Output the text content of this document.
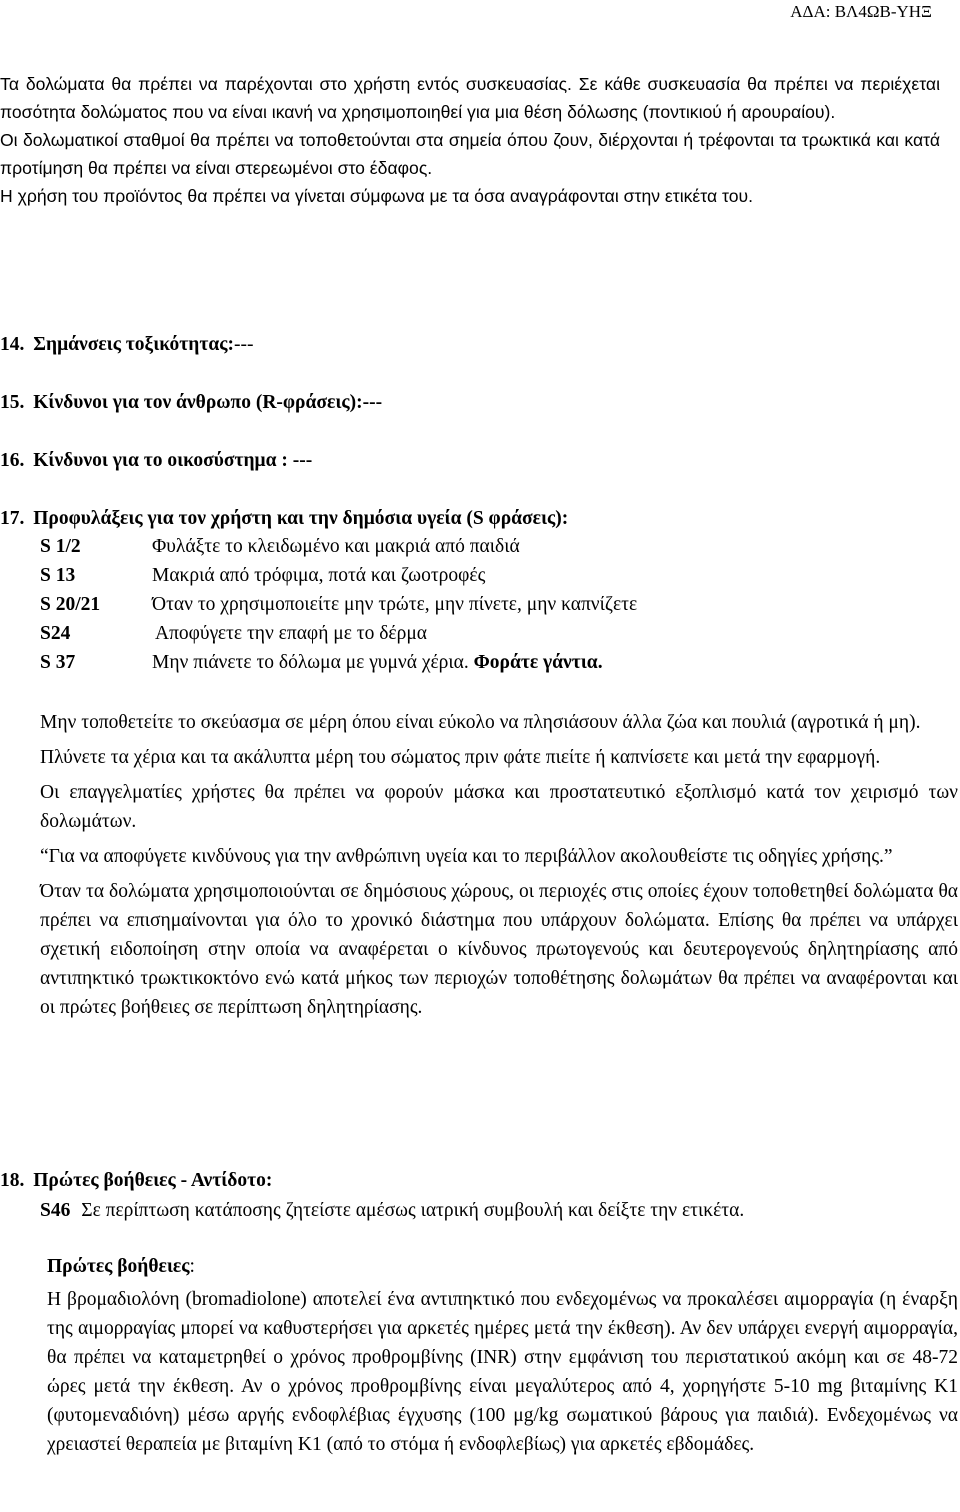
ΑΔΑ: ΒΛ4ΩΒ-ΥΗΞ

Τα δολώματα θα πρέπει να παρέχονται στο χρήστη εντός συσκευασίας. Σε κάθε συσκευασία θα πρέπει να περιέχεται ποσότητα δολώματος που να είναι ικανή να χρησιμοποιηθεί για μια θέση δόλωσης (ποντικιού ή αρουραίου).

Οι δολωματικοί σταθμοί θα πρέπει να τοποθετούνται στα σημεία όπου ζουν, διέρχονται ή τρέφονται τα τρωκτικά και κατά προτίμηση θα πρέπει να είναι στερεωμένοι στο έδαφος.

Η χρήση του προϊόντος θα πρέπει να γίνεται σύμφωνα με τα όσα αναγράφονται στην ετικέτα του.

14. Σημάνσεις τοξικότητας:---
15. Κίνδυνοι για τον άνθρωπο (R-φράσεις):---
16. Κίνδυνοι για το οικοσύστημα : ---
17. Προφυλάξεις για τον χρήστη και την δημόσια υγεία (S φράσεις):
S 1/2	Φυλάξτε το κλειδωμένο και μακριά από παιδιά
S 13	Μακριά από τρόφιμα, ποτά και ζωοτροφές
S 20/21	Όταν το χρησιμοποιείτε μην τρώτε, μην πίνετε, μην καπνίζετε
S24	Αποφύγετε την επαφή με το δέρμα
S 37	Μην πιάνετε το δόλωμα με γυμνά χέρια. Φοράτε γάντια.

Μην τοποθετείτε το σκεύασμα σε μέρη όπου είναι εύκολο να πλησιάσουν άλλα ζώα και πουλιά (αγροτικά ή μη).

Πλύνετε τα χέρια και τα ακάλυπτα μέρη του σώματος πριν φάτε πιείτε ή καπνίσετε και μετά την εφαρμογή.

Οι επαγγελματίες χρήστες θα πρέπει να φορούν μάσκα και προστατευτικό εξοπλισμό κατά τον χειρισμό των δολωμάτων.

“Για να αποφύγετε κινδύνους για την ανθρώπινη υγεία και το περιβάλλον ακολουθείστε τις οδηγίες χρήσης.”

Όταν τα δολώματα χρησιμοποιούνται σε δημόσιους χώρους, οι περιοχές στις οποίες έχουν τοποθετηθεί δολώματα θα πρέπει να επισημαίνονται για όλο το χρονικό διάστημα που υπάρχουν δολώματα. Επίσης θα πρέπει να υπάρχει σχετική ειδοποίηση στην οποία να αναφέρεται ο κίνδυνος πρωτογενούς και δευτερογενούς δηλητηρίασης από αντιπηκτικό τρωκτικοκτόνο ενώ κατά μήκος των περιοχών τοποθέτησης δολωμάτων θα πρέπει να αναφέρονται και οι πρώτες βοήθειες σε περίπτωση δηλητηρίασης.

18. Πρώτες βοήθειες - Αντίδοτο:
S46 Σε περίπτωση κατάποσης ζητείστε αμέσως ιατρική συμβουλή και δείξτε την ετικέτα.
Πρώτες βοήθειες:

Η βρομαδιολόνη (bromadiolone) αποτελεί ένα αντιπηκτικό που ενδεχομένως να προκαλέσει αιμορραγία (η έναρξη της αιμορραγίας μπορεί να καθυστερήσει για αρκετές ημέρες μετά την έκθεση). Αν δεν υπάρχει ενεργή αιμορραγία, θα πρέπει να καταμετρηθεί ο χρόνος προθρομβίνης (INR) στην εμφάνιση του περιστατικού ακόμη και σε 48-72 ώρες μετά την έκθεση. Αν ο χρόνος προθρομβίνης είναι μεγαλύτερος από 4, χορηγήστε 5-10 mg βιταμίνης Κ1 (φυτομεναδιόνη) μέσω αργής ενδοφλέβιας έγχυσης (100 μg/kg σωματικού βάρους για παιδιά). Ενδεχομένως να χρειαστεί θεραπεία με βιταμίνη Κ1 (από το στόμα ή ενδοφλεβίως) για αρκετές εβδομάδες.
